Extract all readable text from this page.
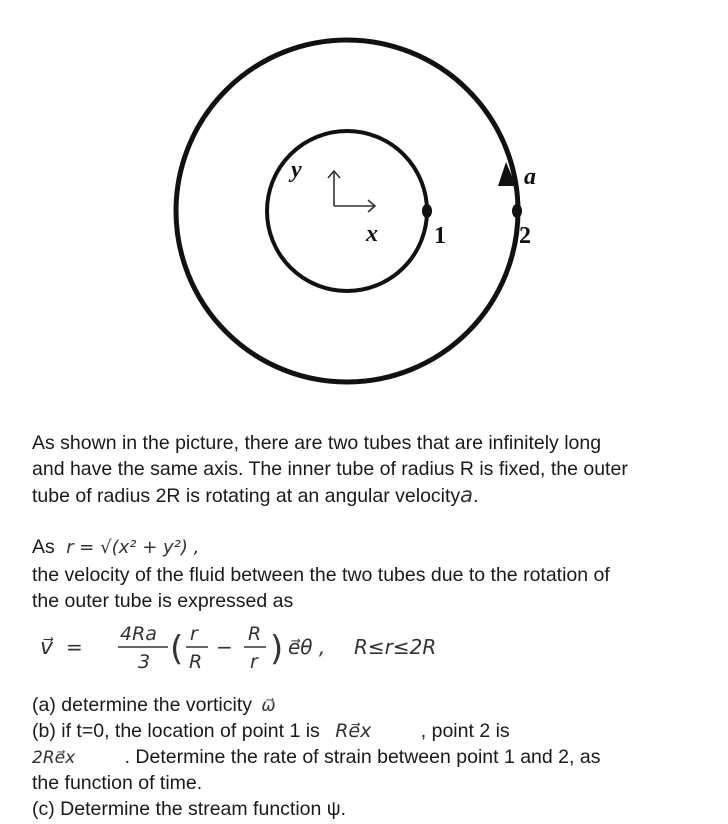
y
x 1	2
a
As shown in the picture, there are two tubes that are infinitely long
and have the same axis. The inner tube of radius R is fixed, the outer
tube of radius 2R is rotating at an angular velocitya.
As r = √(x² + y²) ,
the velocity of the fluid between the two tubes due to the rotation of
the outer tube is expressed as
v⃗ =
4Ra
3 ( r
R
−
R
r ) e⃗θ , R≤r≤2R
(a) determine the vorticity ω⃗
(b) if t=0, the location of point 1 is Re⃗x	, point 2 is
2Re⃗x	. Determine the rate of strain between point 1 and 2, as
the function of time.
(c) Determine the stream function ψ.
